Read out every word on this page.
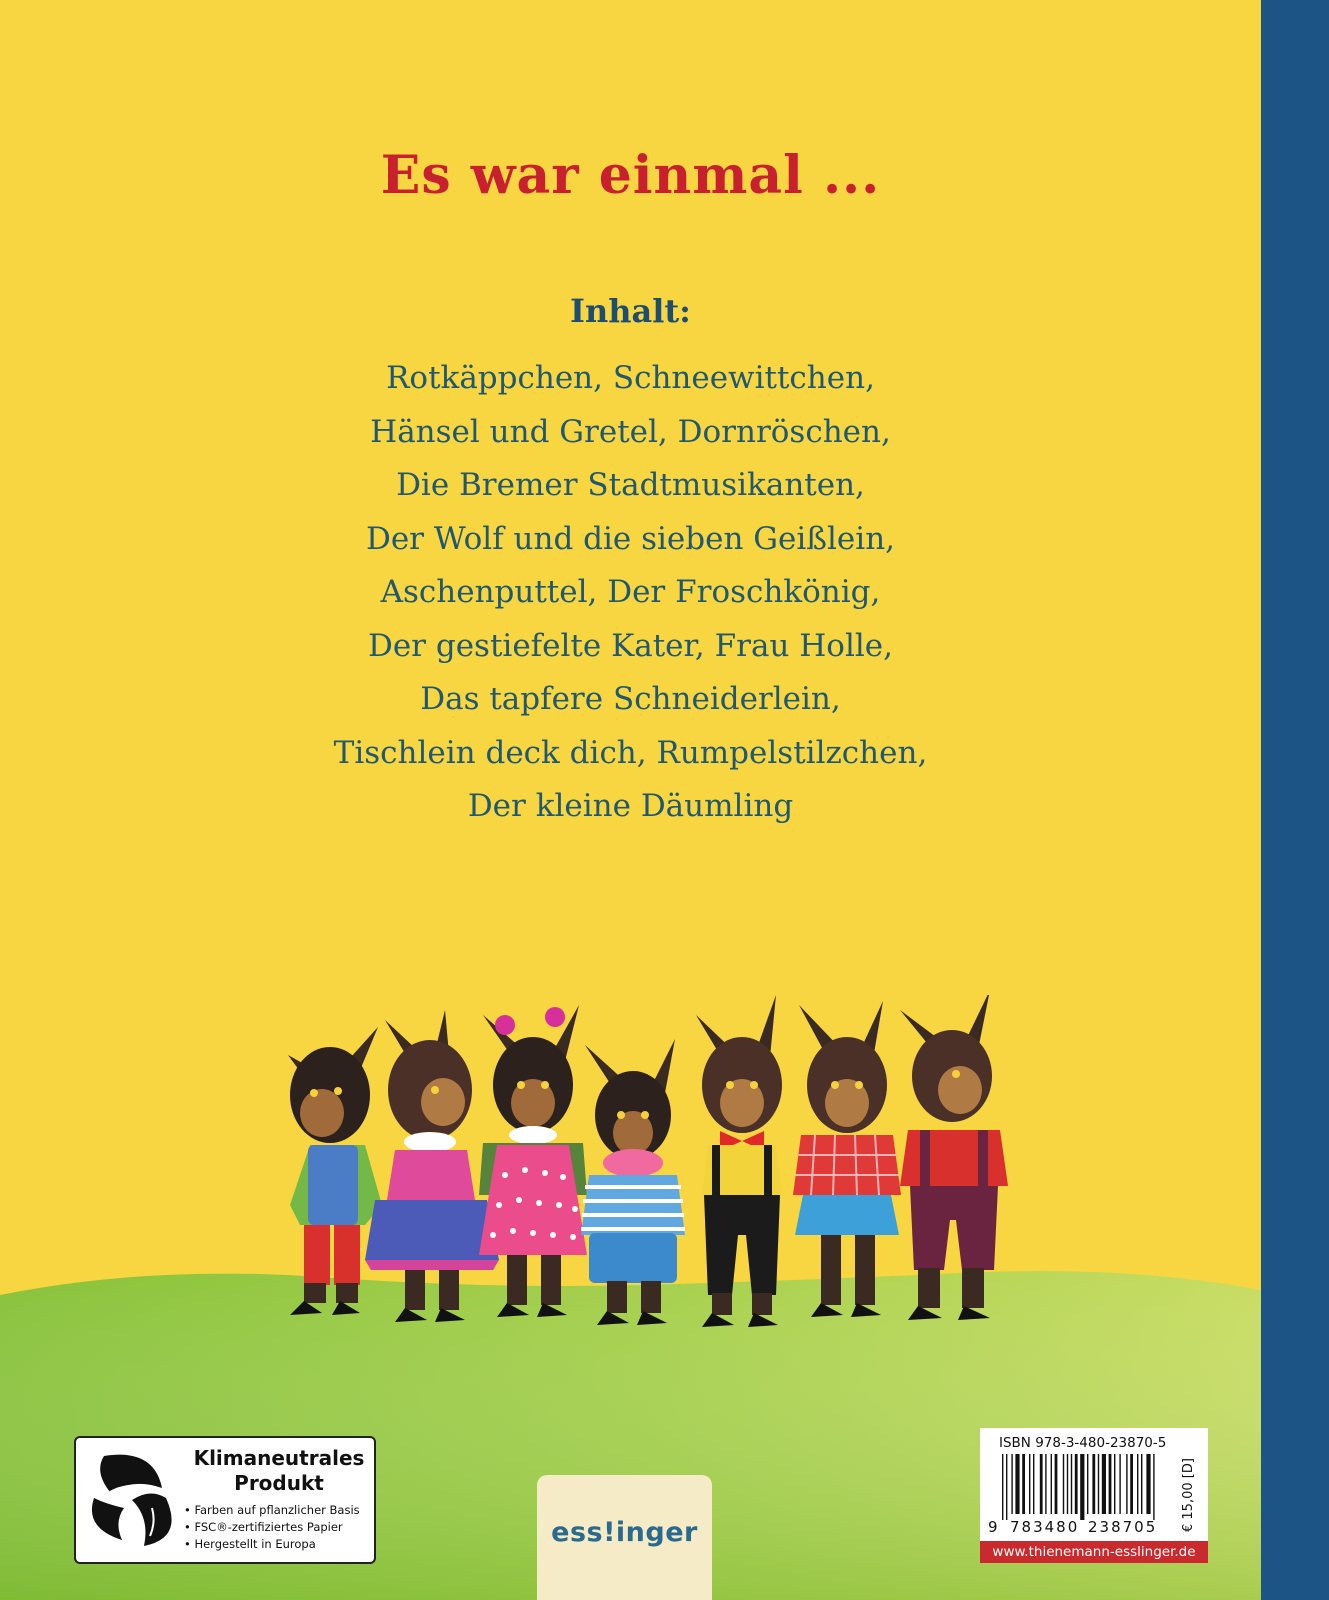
Es war einmal ...
Inhalt:
Rotkäppchen, Schneewittchen,
Hänsel und Gretel, Dornröschen,
Die Bremer Stadtmusikanten,
Der Wolf und die sieben Geißlein,
Aschenputtel, Der Froschkönig,
Der gestiefelte Kater, Frau Holle,
Das tapfere Schneiderlein,
Tischlein deck dich, Rumpelstilzchen,
Der kleine Däumling

Klimaneutrales
Produkt

• Farben auf pflanzlicher Basis
• FSC®-zertifiziertes Papier
• Hergestellt in Europa	ess!inger

ISBN 978-3-480-23870-5

9 783480 238705 € 15,00 [D]
www.thienemann-esslinger.de
